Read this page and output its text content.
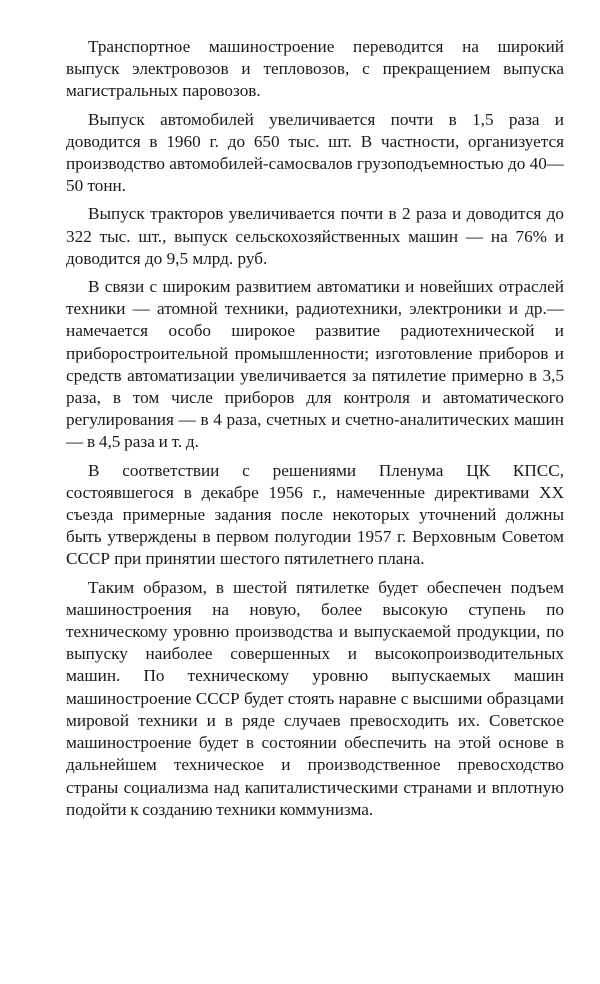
Транспортное машиностроение переводится на широкий выпуск электровозов и тепловозов, с прекращением выпуска магистральных паровозов.

Выпуск автомобилей увеличивается почти в 1,5 раза и доводится в 1960 г. до 650 тыс. шт. В частности, организуется производство автомобилей-самосвалов грузоподъемностью до 40—50 тонн.

Выпуск тракторов увеличивается почти в 2 раза и доводится до 322 тыс. шт., выпуск сельскохозяйственных машин — на 76% и доводится до 9,5 млрд. руб.

В связи с широким развитием автоматики и новейших отраслей техники — атомной техники, радиотехники, электроники и др.— намечается особо широкое развитие радиотехнической и приборостроительной промышленности; изготовление приборов и средств автоматизации увеличивается за пятилетие примерно в 3,5 раза, в том числе приборов для контроля и автоматического регулирования — в 4 раза, счетных и счетно-аналитических машин — в 4,5 раза и т. д.

В соответствии с решениями Пленума ЦК КПСС, состоявшегося в декабре 1956 г., намеченные директивами XX съезда примерные задания после некоторых уточнений должны быть утверждены в первом полугодии 1957 г. Верховным Советом СССР при принятии шестого пятилетнего плана.

Таким образом, в шестой пятилетке будет обеспечен подъем машиностроения на новую, более высокую ступень по техническому уровню производства и выпускаемой продукции, по выпуску наиболее совершенных и высокопроизводительных машин. По техническому уровню выпускаемых машин машиностроение СССР будет стоять наравне с высшими образцами мировой техники и в ряде случаев превосходить их. Советское машиностроение будет в состоянии обеспечить на этой основе в дальнейшем техническое и производственное превосходство страны социализма над капиталистическими странами и вплотную подойти к созданию техники коммунизма.
